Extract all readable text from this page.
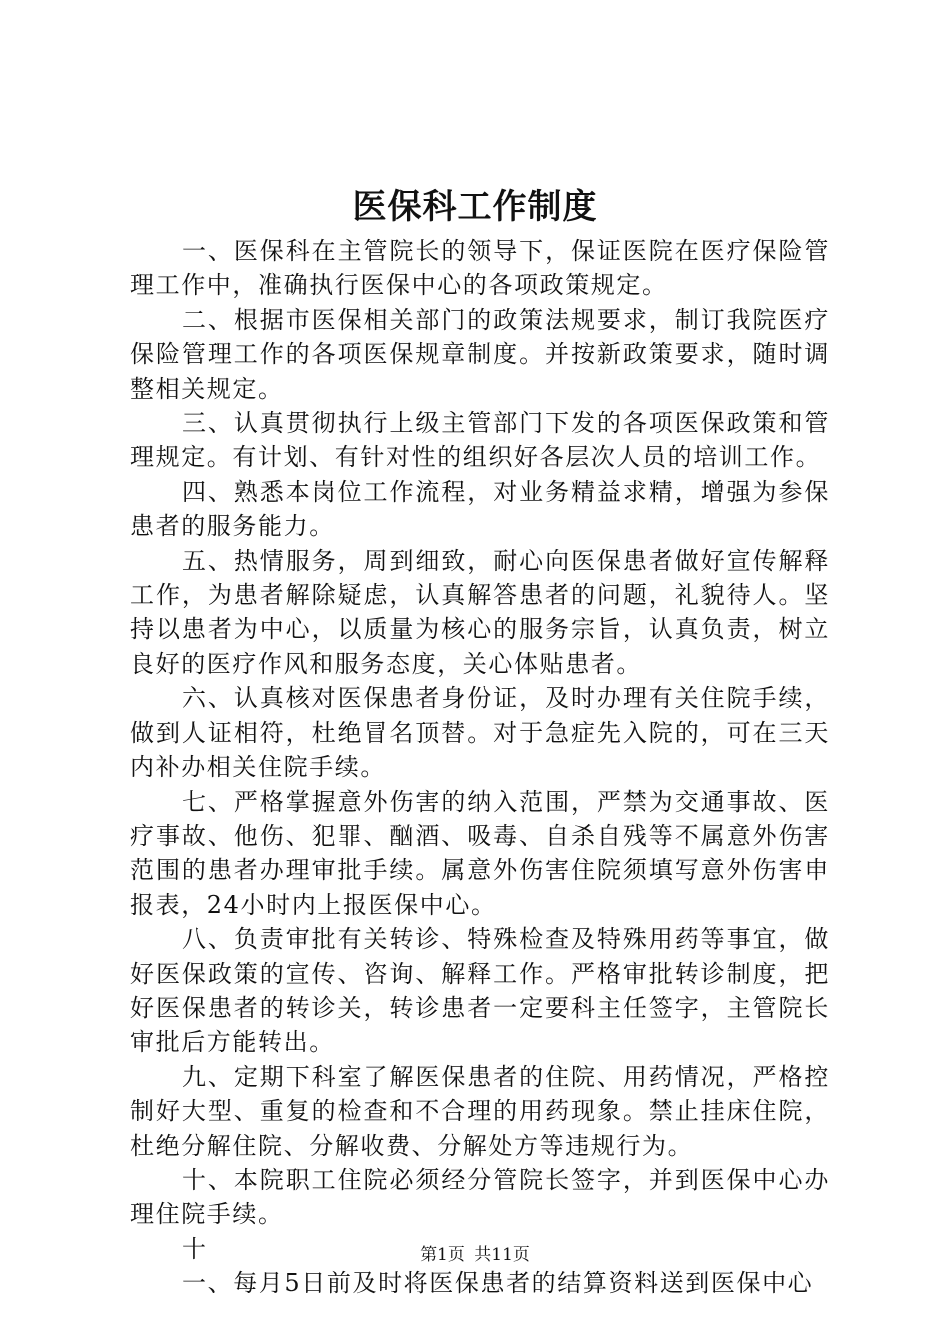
医保科工作制度

一、医保科在主管院长的领导下，保证医院在医疗保险管理工作中，准确执行医保中心的各项政策规定。

二、根据市医保相关部门的政策法规要求，制订我院医疗保险管理工作的各项医保规章制度。并按新政策要求，随时调整相关规定。

三、认真贯彻执行上级主管部门下发的各项医保政策和管理规定。有计划、有针对性的组织好各层次人员的培训工作。

四、熟悉本岗位工作流程，对业务精益求精，增强为参保患者的服务能力。

五、热情服务，周到细致，耐心向医保患者做好宣传解释工作，为患者解除疑虑，认真解答患者的问题，礼貌待人。坚持以患者为中心，以质量为核心的服务宗旨，认真负责，树立良好的医疗作风和服务态度，关心体贴患者。

六、认真核对医保患者身份证，及时办理有关住院手续，做到人证相符，杜绝冒名顶替。对于急症先入院的，可在三天内补办相关住院手续。

七、严格掌握意外伤害的纳入范围，严禁为交通事故、医疗事故、他伤、犯罪、酗酒、吸毒、自杀自残等不属意外伤害范围的患者办理审批手续。属意外伤害住院须填写意外伤害申报表，24小时内上报医保中心。

八、负责审批有关转诊、特殊检查及特殊用药等事宜，做好医保政策的宣传、咨询、解释工作。严格审批转诊制度，把好医保患者的转诊关，转诊患者一定要科主任签字，主管院长审批后方能转出。

九、定期下科室了解医保患者的住院、用药情况，严格控制好大型、重复的检查和不合理的用药现象。禁止挂床住院，杜绝分解住院、分解收费、分解处方等违规行为。

十、本院职工住院必须经分管院长签字，并到医保中心办理住院手续。

十

一、每月5日前及时将医保患者的结算资料送到医保中心

第1页 共11页
